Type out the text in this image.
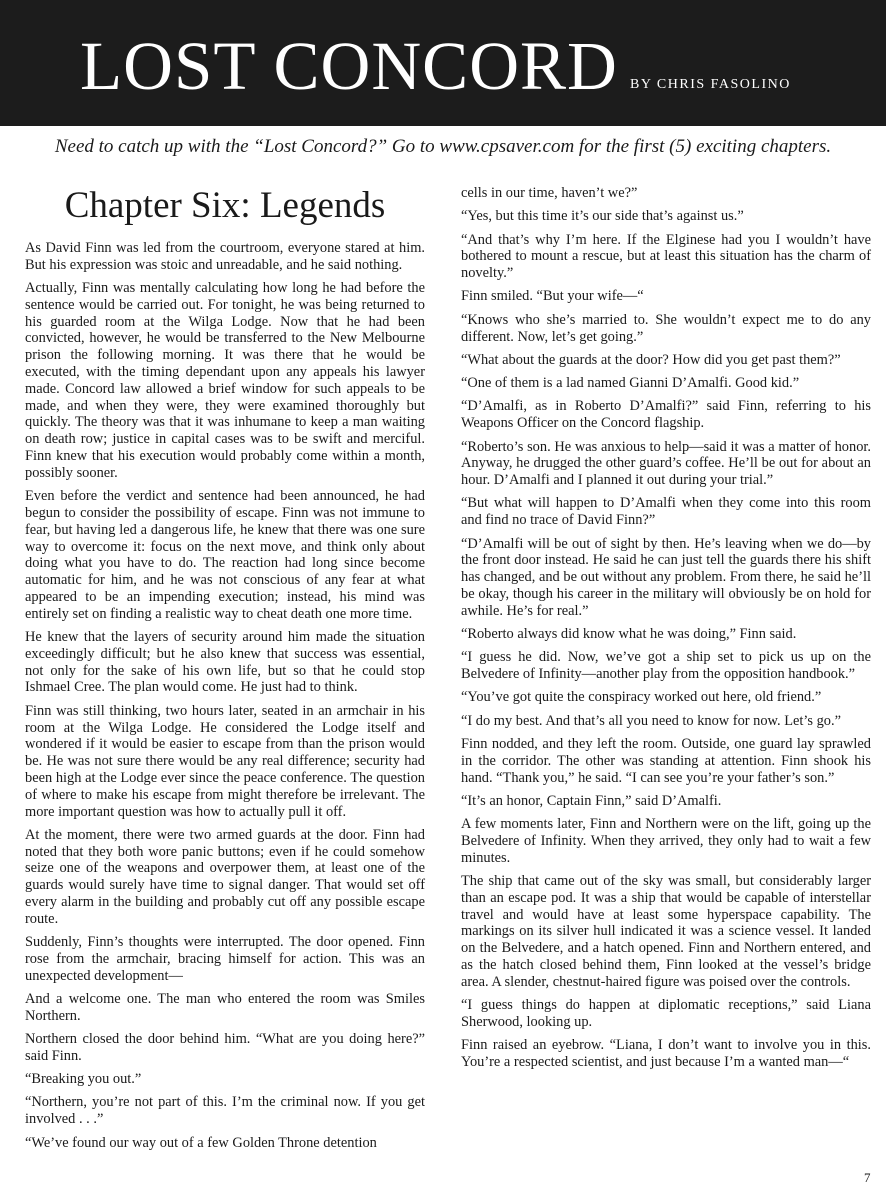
LOST CONCORD BY CHRIS FASOLINO
Need to catch up with the “Lost Concord?” Go to www.cpsaver.com for the first (5) exciting chapters.
Chapter Six: Legends

As David Finn was led from the courtroom, everyone stared at him. But his expression was stoic and unreadable, and he said nothing.

Actually, Finn was mentally calculating how long he had before the sentence would be carried out. For tonight, he was being returned to his guarded room at the Wilga Lodge. Now that he had been convicted, however, he would be transferred to the New Melbourne prison the following morning. It was there that he would be executed, with the timing dependant upon any appeals his lawyer made. Concord law allowed a brief window for such appeals to be made, and when they were, they were examined thoroughly but quickly. The theory was that it was inhumane to keep a man waiting on death row; justice in capital cases was to be swift and merciful. Finn knew that his execution would probably come within a month, possibly sooner.

Even before the verdict and sentence had been announced, he had begun to consider the possibility of escape. Finn was not immune to fear, but having led a dangerous life, he knew that there was one sure way to overcome it: focus on the next move, and think only about doing what you have to do. The reaction had long since become automatic for him, and he was not conscious of any fear at what appeared to be an impending execution; instead, his mind was entirely set on finding a realistic way to cheat death one more time.

He knew that the layers of security around him made the situation exceedingly difficult; but he also knew that success was essential, not only for the sake of his own life, but so that he could stop Ishmael Cree. The plan would come. He just had to think.

Finn was still thinking, two hours later, seated in an armchair in his room at the Wilga Lodge. He considered the Lodge itself and wondered if it would be easier to escape from than the prison would be. He was not sure there would be any real difference; security had been high at the Lodge ever since the peace conference. The question of where to make his escape from might therefore be irrelevant. The more important question was how to actually pull it off.

At the moment, there were two armed guards at the door. Finn had noted that they both wore panic buttons; even if he could somehow seize one of the weapons and overpower them, at least one of the guards would surely have time to signal danger. That would set off every alarm in the building and probably cut off any possible escape route.

Suddenly, Finn’s thoughts were interrupted. The door opened. Finn rose from the armchair, bracing himself for action. This was an unexpected development—

And a welcome one. The man who entered the room was Smiles Northern.

Northern closed the door behind him. “What are you doing here?” said Finn.

“Breaking you out.”

“Northern, you’re not part of this. I’m the criminal now. If you get involved . . .”

“We’ve found our way out of a few Golden Throne detention

cells in our time, haven’t we?”

“Yes, but this time it’s our side that’s against us.”

“And that’s why I’m here. If the Elginese had you I wouldn’t have bothered to mount a rescue, but at least this situation has the charm of novelty.”

Finn smiled. “But your wife—“

“Knows who she’s married to. She wouldn’t expect me to do any different. Now, let’s get going.”

“What about the guards at the door? How did you get past them?”

“One of them is a lad named Gianni D’Amalfi. Good kid.”

“D’Amalfi, as in Roberto D’Amalfi?” said Finn, referring to his Weapons Officer on the Concord flagship.

“Roberto’s son. He was anxious to help—said it was a matter of honor. Anyway, he drugged the other guard’s coffee. He’ll be out for about an hour. D’Amalfi and I planned it out during your trial.”

“But what will happen to D’Amalfi when they come into this room and find no trace of David Finn?”

“D’Amalfi will be out of sight by then. He’s leaving when we do—by the front door instead. He said he can just tell the guards there his shift has changed, and be out without any problem. From there, he said he’ll be okay, though his career in the military will obviously be on hold for awhile. He’s for real.”

“Roberto always did know what he was doing,” Finn said.

“I guess he did. Now, we’ve got a ship set to pick us up on the Belvedere of Infinity—another play from the opposition handbook.”

“You’ve got quite the conspiracy worked out here, old friend.”

“I do my best. And that’s all you need to know for now. Let’s go.”

Finn nodded, and they left the room. Outside, one guard lay sprawled in the corridor. The other was standing at attention. Finn shook his hand. “Thank you,” he said. “I can see you’re your father’s son.”

“It’s an honor, Captain Finn,” said D’Amalfi.

A few moments later, Finn and Northern were on the lift, going up the Belvedere of Infinity. When they arrived, they only had to wait a few minutes.

The ship that came out of the sky was small, but considerably larger than an escape pod. It was a ship that would be capable of interstellar travel and would have at least some hyperspace capability. The markings on its silver hull indicated it was a science vessel. It landed on the Belvedere, and a hatch opened. Finn and Northern entered, and as the hatch closed behind them, Finn looked at the vessel’s bridge area. A slender, chestnut-haired figure was poised over the controls.

“I guess things do happen at diplomatic receptions,” said Liana Sherwood, looking up.

Finn raised an eyebrow. “Liana, I don’t want to involve you in this. You’re a respected scientist, and just because I’m a wanted man—“

7
